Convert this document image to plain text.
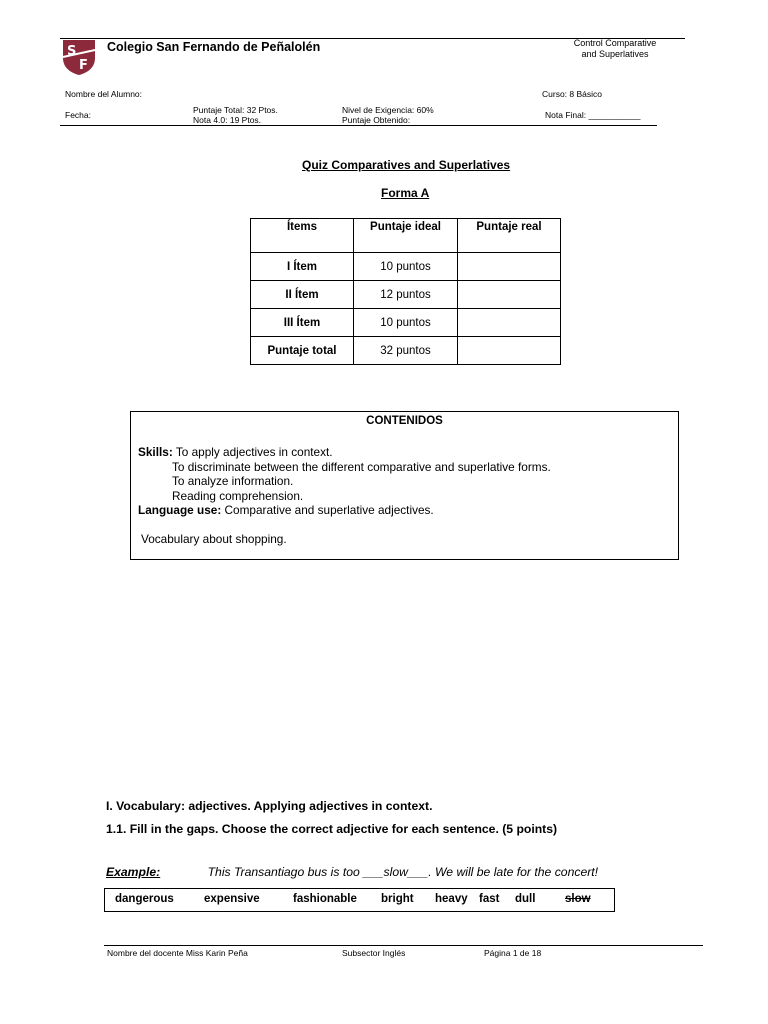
S
F
Colegio San Fernando de Peñalolén	Control Comparative
and Superlatives
Nombre del Alumno:	Curso: 8 Básico
Fecha:	Puntaje Total: 32 Ptos.
Nota 4.0: 19 Ptos.
Nivel de Exigencia: 60%
Puntaje Obtenido:	Nota Final: ___________
Quiz Comparatives and Superlatives
Forma A
Ítems	Puntaje ideal	Puntaje real
I Ítem	10 puntos	
II Ítem	12 puntos	
III Ítem	10 puntos	
Puntaje total	32 puntos	
CONTENIDOS
Skills: To apply adjectives in context.
To discriminate between the different comparative and superlative forms.
To analyze information.
Reading comprehension.
Language use: Comparative and superlative adjectives.
Vocabulary about shopping.
I. Vocabulary: adjectives. Applying adjectives in context.
1.1. Fill in the gaps. Choose the correct adjective for each sentence. (5 points)
Example:	This Transantiago bus is too ___slow___. We will be late for the concert!
dangerous	expensive	fashionable bright heavy fast dull	slow
Nombre del docente Miss Karin Peña	Subsector Inglés	Página 1 de 18
